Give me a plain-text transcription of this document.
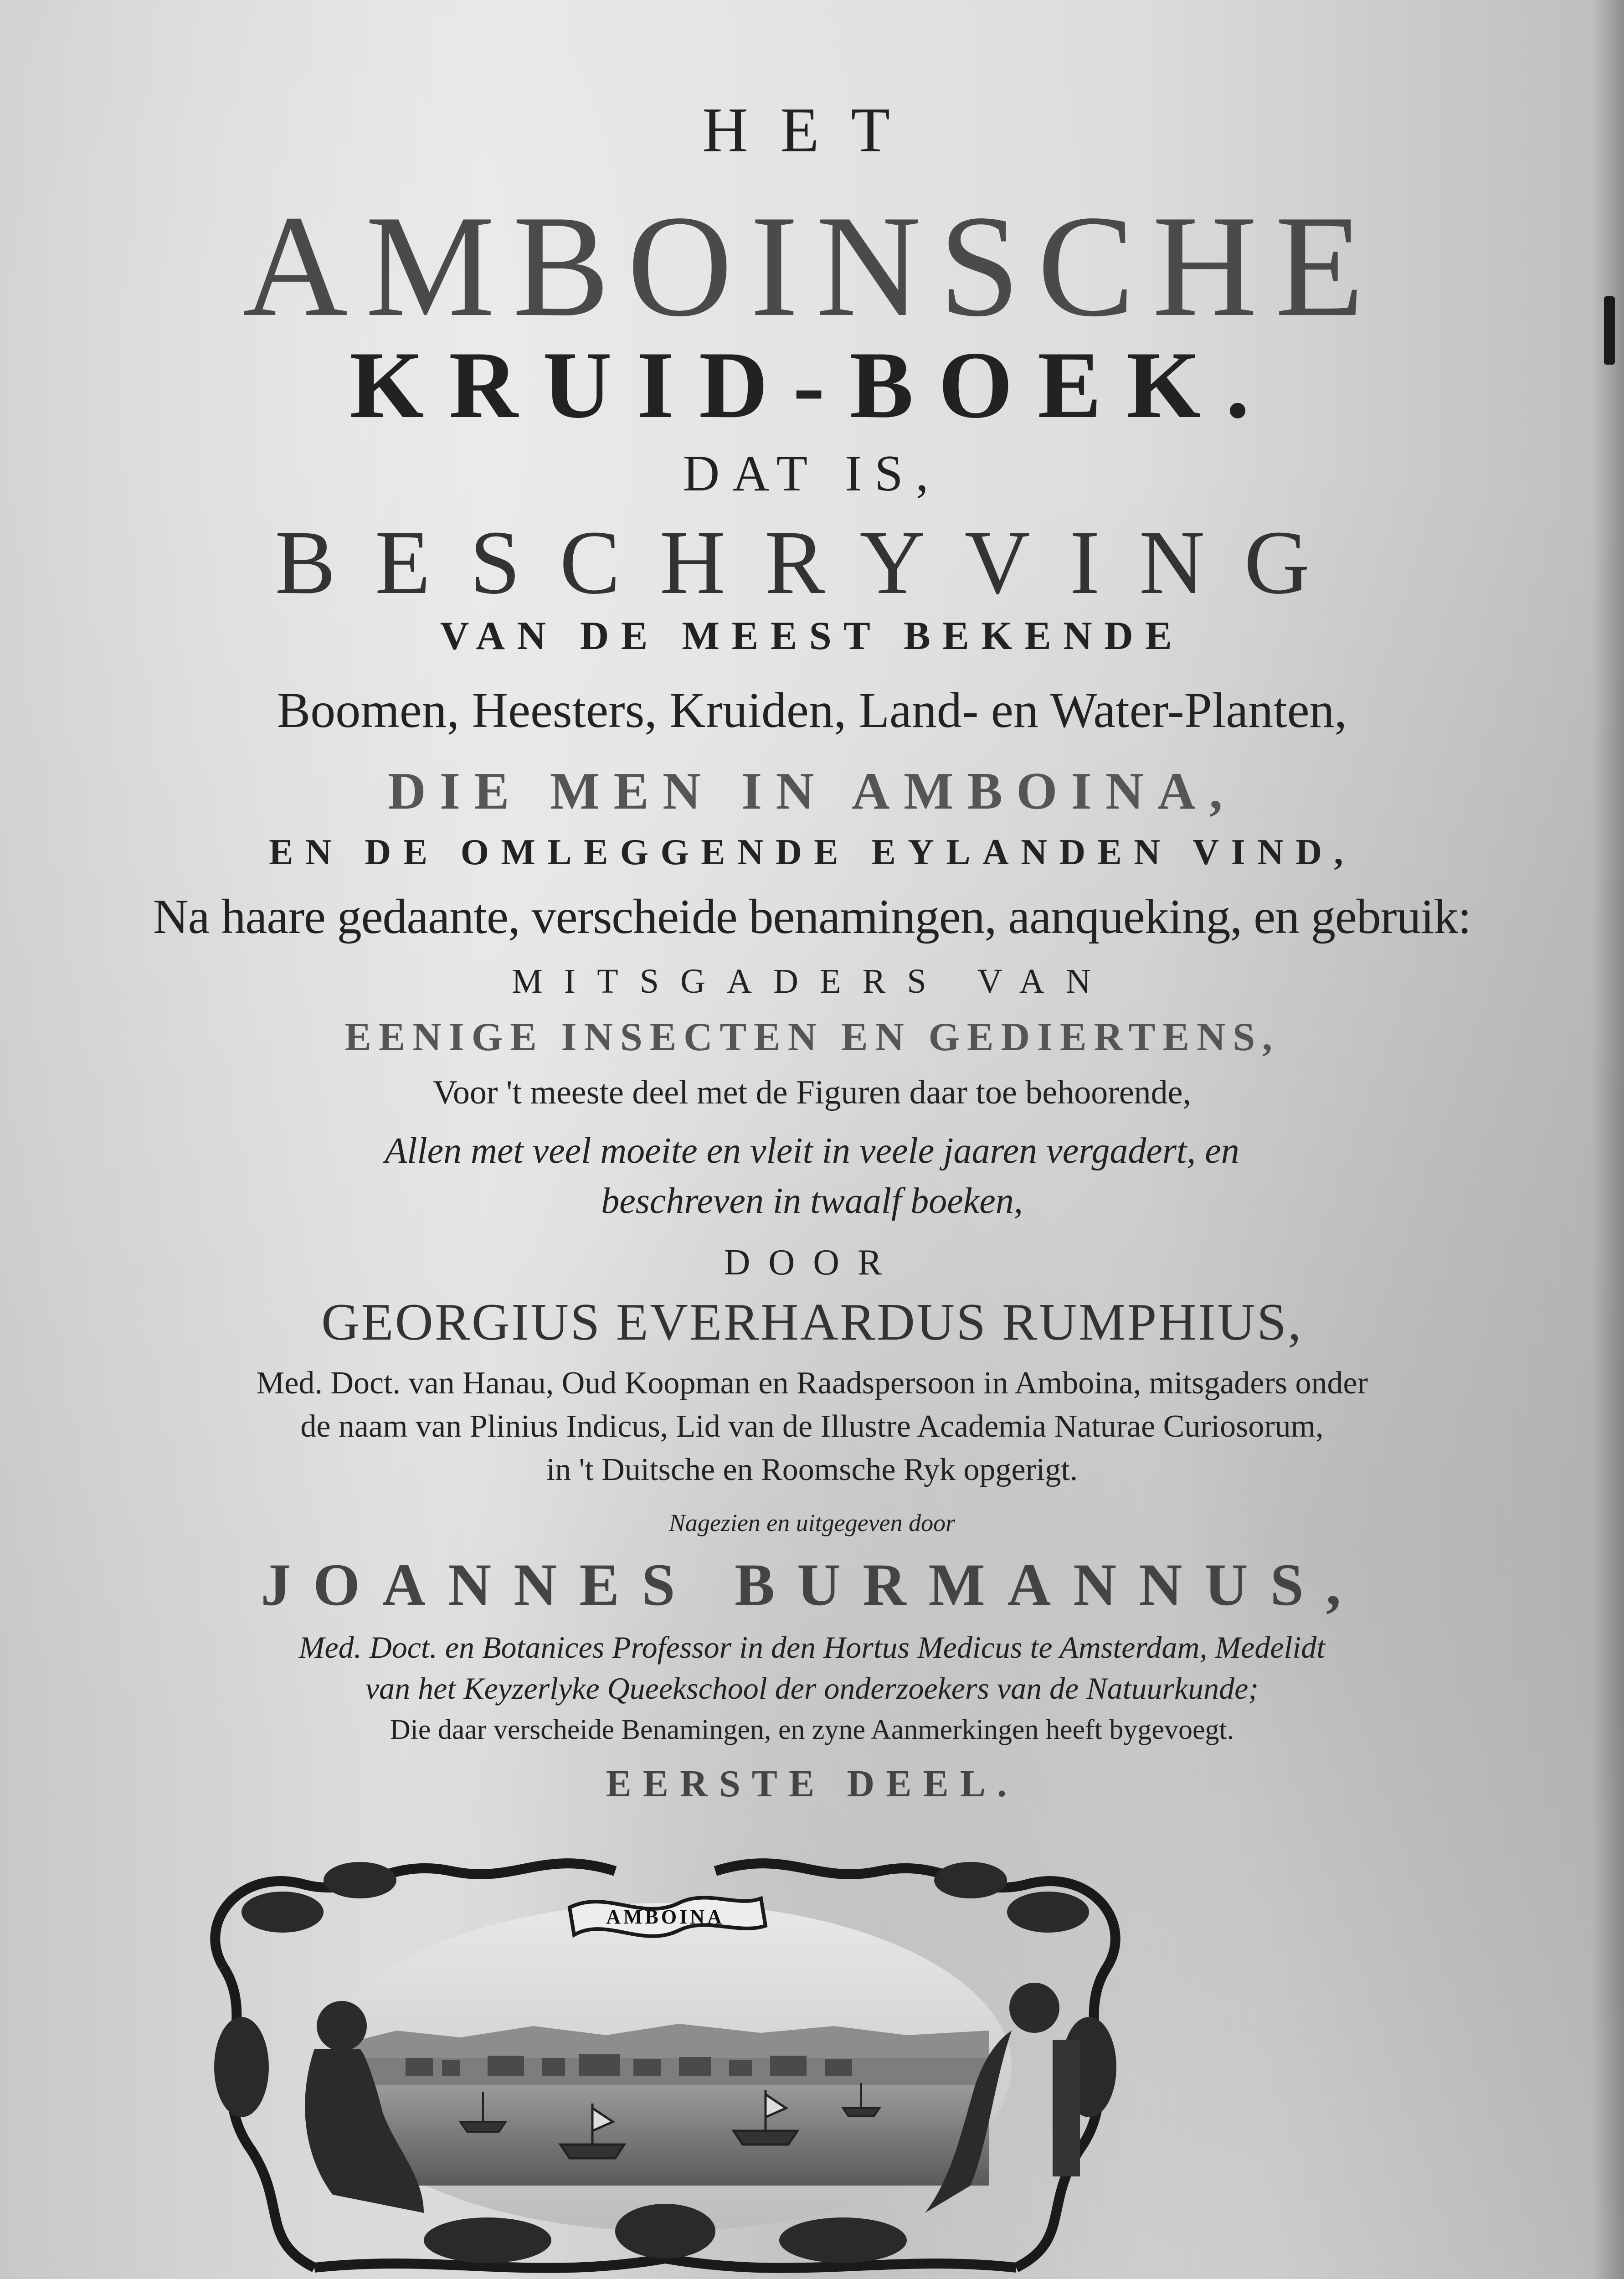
HET
AMBOINSCHE
KRUID-BOEK.
DAT IS,
BESCHRYVING
VAN DE MEEST BEKENDE
Boomen, Heesters, Kruiden, Land- en Water-Planten,
DIE MEN IN AMBOINA,
EN DE OMLEGGENDE EYLANDEN VIND,
Na haare gedaante, verscheide benamingen, aanqueking, en gebruik:
MITSGADERS VAN
EENIGE INSECTEN EN GEDIERTENS,
Voor 't meeste deel met de Figuren daar toe behoorende,
Allen met veel moeite en vleit in veele jaaren vergadert, en
beschreven in twaalf boeken,
DOOR
GEORGIUS EVERHARDUS RUMPHIUS,
Med. Doct. van Hanau, Oud Koopman en Raadspersoon in Amboina, mitsgaders onder
de naam van Plinius Indicus, Lid van de Illustre Academia Naturae Curiosorum,
in 't Duitsche en Roomsche Ryk opgerigt.
Nagezien en uitgegeven door
JOANNES BURMANNUS,
Med. Doct. en Botanices Professor in den Hortus Medicus te Amsterdam, Medelidt
van het Keyzerlyke Queekschool der onderzoekers van de Natuurkunde;
Die daar verscheide Benamingen, en zyne Aanmerkingen heeft bygevoegt.
EERSTE DEEL.
AMBOINA
